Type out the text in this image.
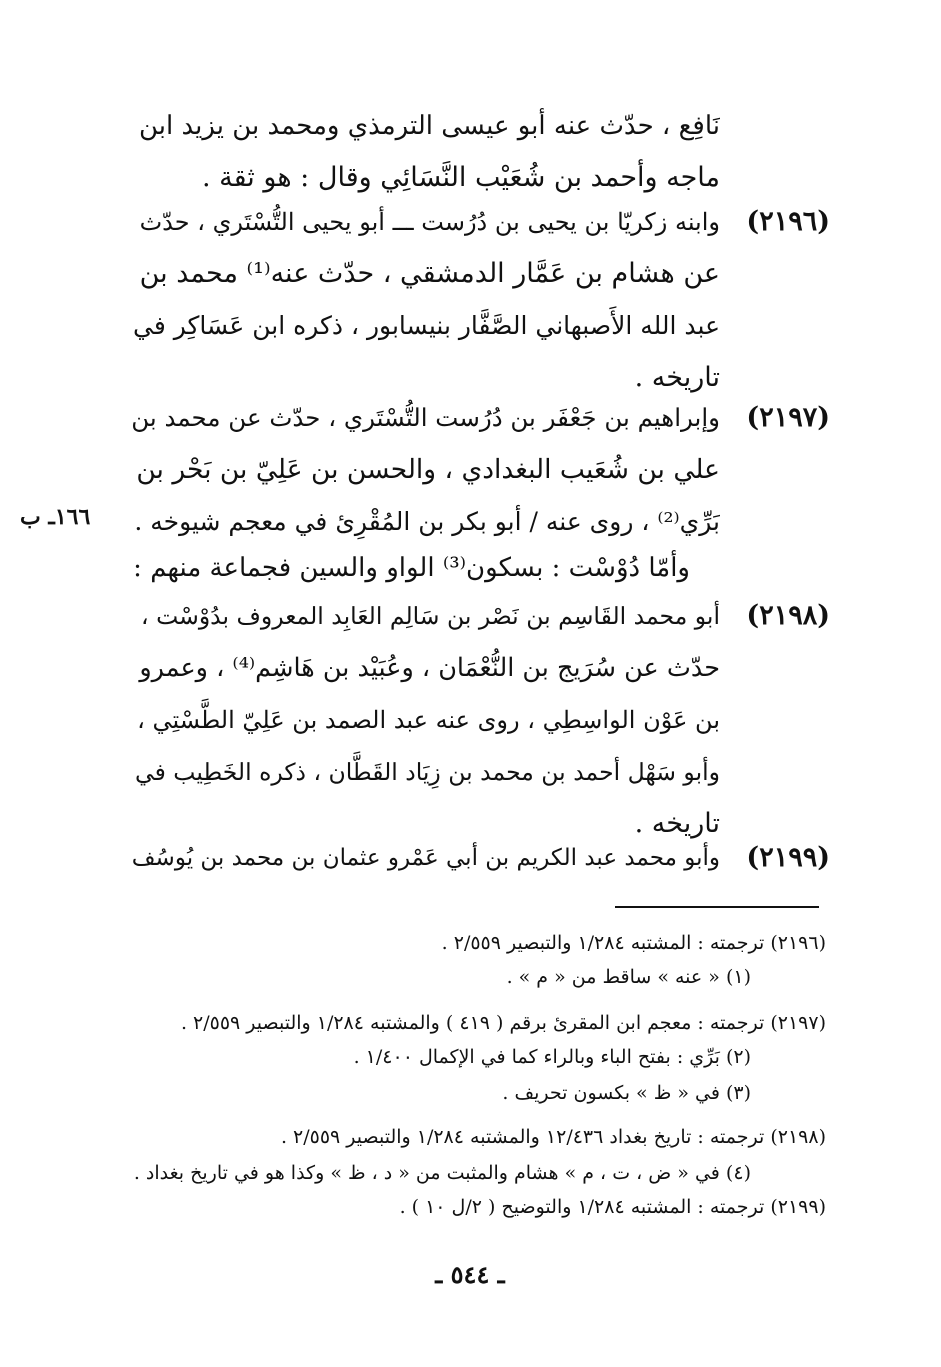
نَافِع ، حدّث عنه أبو عيسى الترمذي ومحمد بن يزيد ابن
ماجه وأحمد بن شُعَيْب النَّسَائِي وقال : هو ثقة .
(٢١٩٦)
وابنه زكريّا بن يحيى بن دُرُست ـــ أبو يحيى التُّسْتَري ، حدّث
عن هشام بن عَمَّار الدمشقي ، حدّث عنه⁽¹⁾ محمد بن
عبد الله الأَصبهاني الصَّفَّار بنيسابور ، ذكره ابن عَسَاكِر في
تاريخه .
(٢١٩٧)
وإبراهيم بن جَعْفَر بن دُرُست التُّسْتَري ، حدّث عن محمد بن
علي بن شُعَيب البغدادي ، والحسن بن عَلِيّ بن بَحْر بن
بَرِّي⁽²⁾ ، روى عنه / أبو بكر بن المُقْرِئ في معجم شيوخه .
١٦٦ـ ب
وأمّا دُوْسْت : بسكون⁽³⁾ الواو والسين فجماعة منهم :
(٢١٩٨)
أبو محمد القَاسِم بن نَصْر بن سَالِم العَابِد المعروف بدُوْسْت ،
حدّث عن سُرَيج بن النُّعْمَان ، وعُبَيْد بن هَاشِم⁽⁴⁾ ، وعمرو
بن عَوْن الواسِطِي ، روى عنه عبد الصمد بن عَلِيّ الطَّسْتِي ،
وأبو سَهْل أحمد بن محمد بن زِيَاد القَطَّان ، ذكره الخَطِيب في
تاريخه .
(٢١٩٩)
وأبو محمد عبد الكريم بن أبي عَمْرو عثمان بن محمد بن يُوسُف
(٢١٩٦) ترجمته : المشتبه ١/٢٨٤ والتبصير ٢/٥٥٩ .
(١) « عنه » ساقط من « م » .
(٢١٩٧) ترجمته : معجم ابن المقرئ برقم ( ٤١٩ ) والمشتبه ١/٢٨٤ والتبصير ٢/٥٥٩ .
(٢) بَرِّي : بفتح الباء وبالراء كما في الإكمال ١/٤٠٠ .
(٣) في « ظ » بكسون تحريف .
(٢١٩٨) ترجمته : تاريخ بغداد ١٢/٤٣٦ والمشتبه ١/٢٨٤ والتبصير ٢/٥٥٩ .
(٤) في « ض ، ت ، م » هشام والمثبت من « د ، ظ » وكذا هو في تاريخ بغداد .
(٢١٩٩) ترجمته : المشتبه ١/٢٨٤ والتوضيح ( ٢/ل ١٠ ) .
ـ ٥٤٤ ـ
